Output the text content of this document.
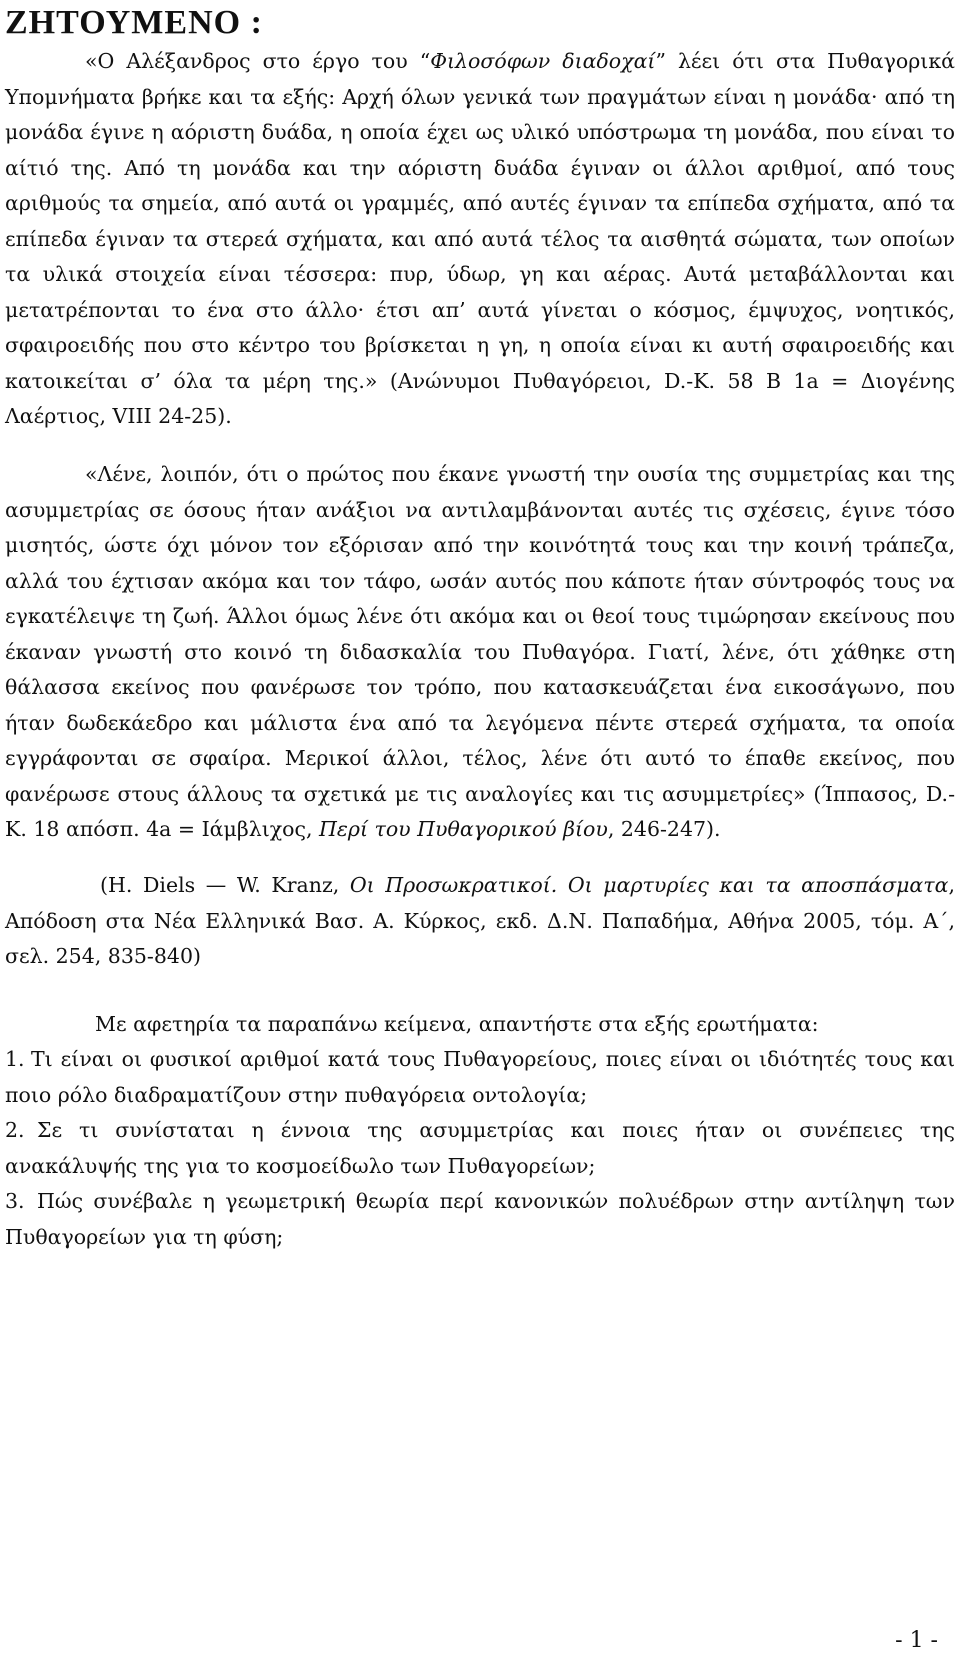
ΖΗΤΟΥΜΕΝΟ :

«Ο Αλέξανδρος στο έργο του “Φιλοσόφων διαδοχαί” λέει ότι στα Πυθαγορικά Υπομνήματα βρήκε και τα εξής: Αρχή όλων γενικά των πραγμάτων είναι η μονάδα· από τη μονάδα έγινε η αόριστη δυάδα, η οποία έχει ως υλικό υπόστρωμα τη μονάδα, που είναι το αίτιό της. Από τη μονάδα και την αόριστη δυάδα έγιναν οι άλλοι αριθμοί, από τους αριθμούς τα σημεία, από αυτά οι γραμμές, από αυτές έγιναν τα επίπεδα σχήματα, από τα επίπεδα έγιναν τα στερεά σχήματα, και από αυτά τέλος τα αισθητά σώματα, των οποίων τα υλικά στοιχεία είναι τέσσερα: πυρ, ύδωρ, γη και αέρας. Αυτά μεταβάλλονται και μετατρέπονται το ένα στο άλλο· έτσι απ’ αυτά γίνεται ο κόσμος, έμψυχος, νοητικός, σφαιροειδής που στο κέντρο του βρίσκεται η γη, η οποία είναι κι αυτή σφαιροειδής και κατοικείται σ’ όλα τα μέρη της.» (Ανώνυμοι Πυθαγόρειοι, D.-K. 58 B 1a = Διογένης Λαέρτιος, VIII 24-25).

«Λένε, λοιπόν, ότι ο πρώτος που έκανε γνωστή την ουσία της συμμετρίας και της ασυμμετρίας σε όσους ήταν ανάξιοι να αντιλαμβάνονται αυτές τις σχέσεις, έγινε τόσο μισητός, ώστε όχι μόνον τον εξόρισαν από την κοινότητά τους και την κοινή τράπεζα, αλλά του έχτισαν ακόμα και τον τάφο, ωσάν αυτός που κάποτε ήταν σύντροφός τους να εγκατέλειψε τη ζωή. Άλλοι όμως λένε ότι ακόμα και οι θεοί τους τιμώρησαν εκείνους που έκαναν γνωστή στο κοινό τη διδασκαλία του Πυθαγόρα. Γιατί, λένε, ότι χάθηκε στη θάλασσα εκείνος που φανέρωσε τον τρόπο, που κατασκευάζεται ένα εικοσάγωνο, που ήταν δωδεκάεδρο και μάλιστα ένα από τα λεγόμενα πέντε στερεά σχήματα, τα οποία εγγράφονται σε σφαίρα. Μερικοί άλλοι, τέλος, λένε ότι αυτό το έπαθε εκείνος, που φανέρωσε στους άλλους τα σχετικά με τις αναλογίες και τις ασυμμετρίες» (Ίππασος, D.-K. 18 απόσπ. 4a = Ιάμβλιχος, Περί του Πυθαγορικού βίου, 246-247).

(H. Diels — W. Kranz, Οι Προσωκρατικοί. Οι μαρτυρίες και τα αποσπάσματα, Απόδοση στα Νέα Ελληνικά Βασ. Α. Κύρκος, εκδ. Δ.Ν. Παπαδήμα, Αθήνα 2005, τόμ. Α΄, σελ. 254, 835-840)

Με αφετηρία τα παραπάνω κείμενα, απαντήστε στα εξής ερωτήματα:

1. Τι είναι οι φυσικοί αριθμοί κατά τους Πυθαγορείους, ποιες είναι οι ιδιότητές τους και ποιο ρόλο διαδραματίζουν στην πυθαγόρεια οντολογία;

2. Σε τι συνίσταται η έννοια της ασυμμετρίας και ποιες ήταν οι συνέπειες της ανακάλυψής της για το κοσμοείδωλο των Πυθαγορείων;

3. Πώς συνέβαλε η γεωμετρική θεωρία περί κανονικών πολυέδρων στην αντίληψη των Πυθαγορείων για τη φύση;

- 1 -
